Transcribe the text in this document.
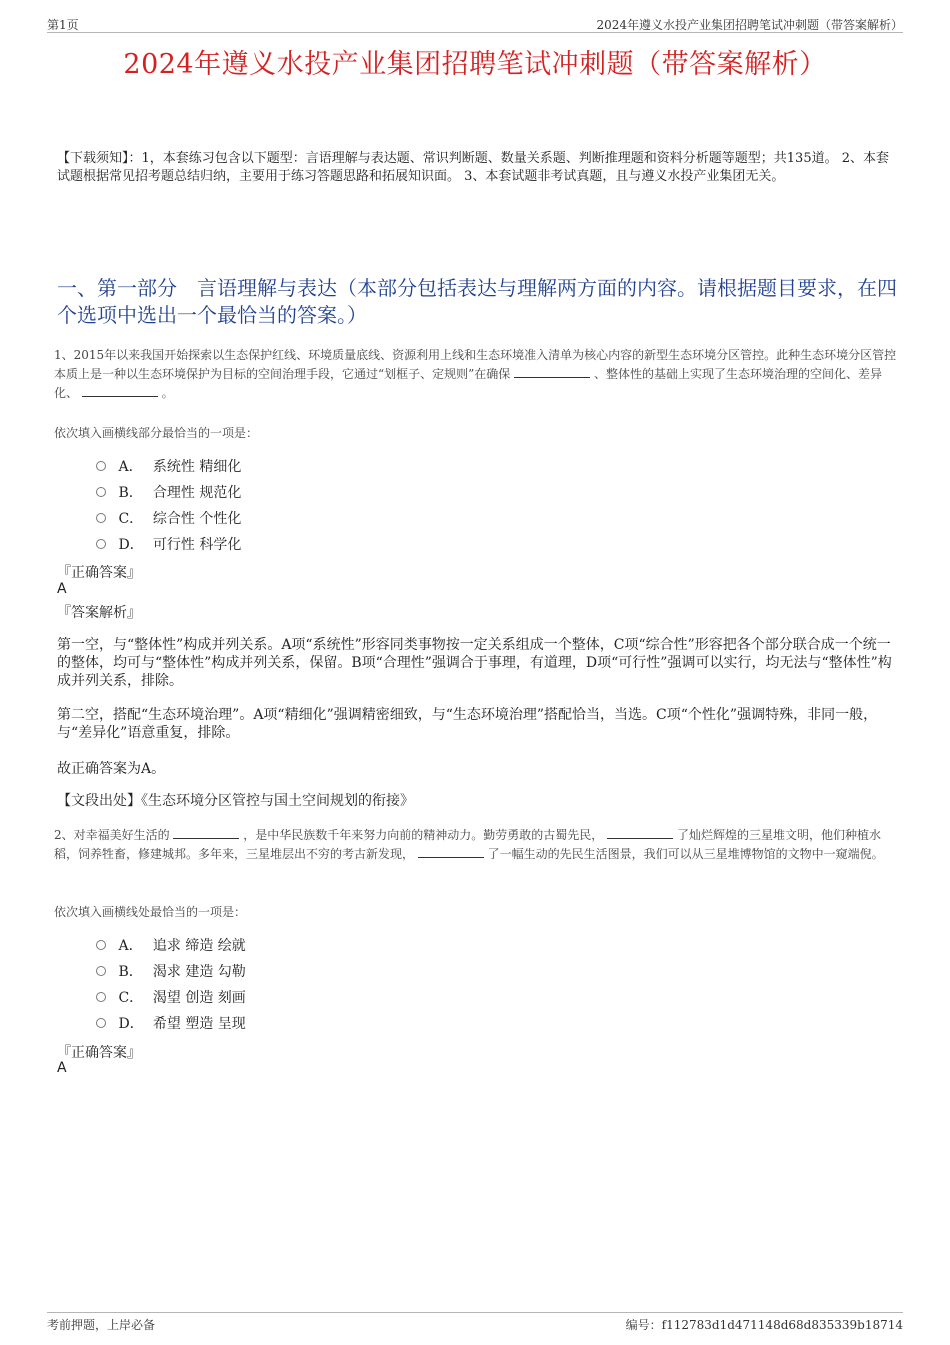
第1页	2024年遵义水投产业集团招聘笔试冲刺题（带答案解析）
2024年遵义水投产业集团招聘笔试冲刺题（带答案解析）
【下载须知】：1，本套练习包含以下题型：言语理解与表达题、常识判断题、数量关系题、判断推理题和资料分析题等题型；共135道。 2、本套试题根据常见招考题总结归纳，主要用于练习答题思路和拓展知识面。 3、本套试题非考试真题，且与遵义水投产业集团无关。
一、第一部分　言语理解与表达（本部分包括表达与理解两方面的内容。请根据题目要求，在四个选项中选出一个最恰当的答案。）
1、2015年以来我国开始探索以生态保护红线、环境质量底线、资源利用上线和生态环境准入清单为核心内容的新型生态环境分区管控。此种生态环境分区管控本质上是一种以生态环境保护为目标的空间治理手段，它通过“划框子、定规则”在确保	、整体性的基础上实现了生态环境治理的空间化、差异化、	。
依次填入画横线部分最恰当的一项是：
A． 系统性 精细化
B． 合理性 规范化
C． 综合性 个性化
D． 可行性 科学化
『正确答案』
A
『答案解析』
第一空，与“整体性”构成并列关系。A项“系统性”形容同类事物按一定关系组成一个整体，C项“综合性”形容把各个部分联合成一个统一的整体，均可与“整体性”构成并列关系，保留。B项“合理性”强调合于事理，有道理，D项“可行性”强调可以实行，均无法与“整体性”构成并列关系，排除。
第二空，搭配“生态环境治理”。A项“精细化”强调精密细致，与“生态环境治理”搭配恰当，当选。C项“个性化”强调特殊，非同一般，与“差异化”语意重复，排除。
故正确答案为A。
【文段出处】《生态环境分区管控与国土空间规划的衔接》
2、对幸福美好生活的	，是中华民族数千年来努力向前的精神动力。勤劳勇敢的古蜀先民，	了灿烂辉煌的三星堆文明，他们种植水稻，饲养牲畜，修建城邦。多年来，三星堆层出不穷的考古新发现，	了一幅生动的先民生活图景，我们可以从三星堆博物馆的文物中一窥端倪。
依次填入画横线处最恰当的一项是：
A． 追求 缔造 绘就
B． 渴求 建造 勾勒
C． 渴望 创造 刻画
D． 希望 塑造 呈现
『正确答案』
A
考前押题，上岸必备	编号：f112783d1d471148d68d835339b18714
